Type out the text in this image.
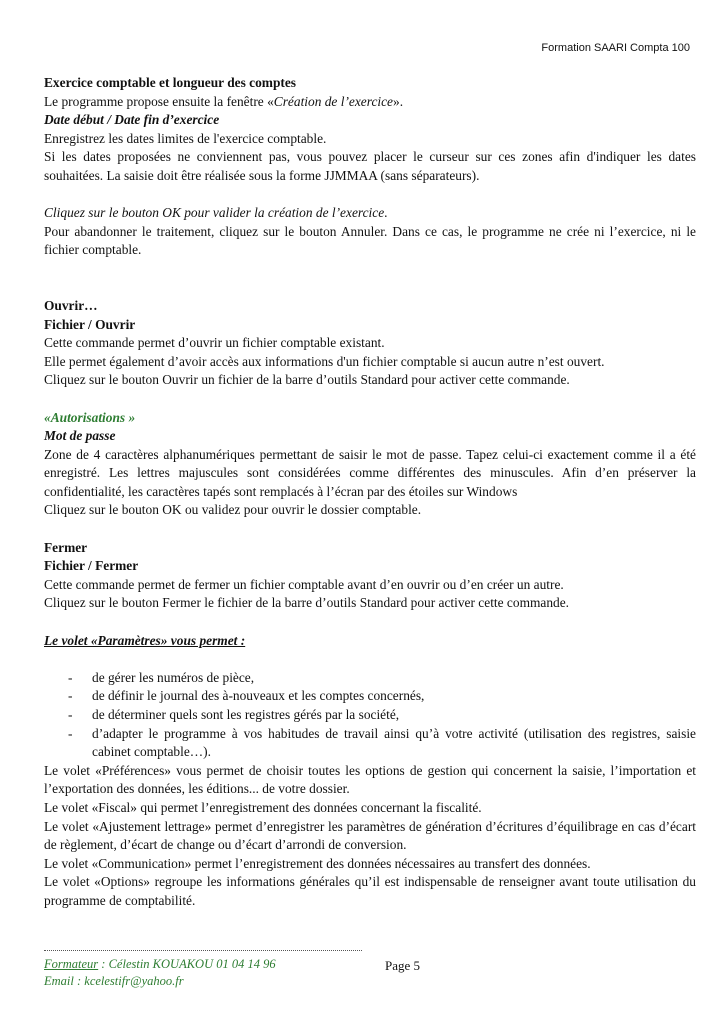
Formation SAARI Compta 100

Exercice comptable et longueur des comptes

Le programme propose ensuite la fenêtre «Création de l’exercice».

Date début / Date fin d’exercice

Enregistrez les dates limites de l'exercice comptable.

Si les dates proposées ne conviennent pas, vous pouvez placer le curseur sur ces zones afin d'indiquer les dates souhaitées. La saisie doit être réalisée sous la forme JJMMAA (sans séparateurs).

Cliquez sur le bouton OK pour valider la création de l’exercice.

Pour abandonner le traitement, cliquez sur le bouton Annuler. Dans ce cas, le programme ne crée ni l’exercice, ni le fichier comptable.

Ouvrir…

Fichier / Ouvrir

Cette commande permet d’ouvrir un fichier comptable existant.

Elle permet également d’avoir accès aux informations d'un fichier comptable si aucun autre n’est ouvert.

Cliquez sur le bouton Ouvrir un fichier de la barre d’outils Standard pour activer cette commande.

«Autorisations »

Mot de passe

Zone de 4 caractères alphanumériques permettant de saisir le mot de passe. Tapez celui-ci exactement comme il a été enregistré. Les lettres majuscules sont considérées comme différentes des minuscules. Afin d’en préserver la confidentialité, les caractères tapés sont remplacés à l’écran par des étoiles sur Windows

Cliquez sur le bouton OK ou validez pour ouvrir le dossier comptable.

Fermer

Fichier / Fermer

Cette commande permet de fermer un fichier comptable avant d’en ouvrir ou d’en créer un autre.

Cliquez sur le bouton Fermer le fichier de la barre d’outils Standard pour activer cette commande.

Le volet «Paramètres» vous permet :

- de gérer les numéros de pièce,
- de définir le journal des à-nouveaux et les comptes concernés,
- de déterminer quels sont les registres gérés par la société,
- d’adapter le programme à vos habitudes de travail ainsi qu’à votre activité (utilisation des registres, saisie cabinet comptable…).

Le volet «Préférences» vous permet de choisir toutes les options de gestion qui concernent la saisie, l’importation et l’exportation des données, les éditions... de votre dossier.

Le volet «Fiscal» qui permet l’enregistrement des données concernant la fiscalité.

Le volet «Ajustement lettrage» permet d’enregistrer les paramètres de génération d’écritures d’équilibrage en cas d’écart de règlement, d’écart de change ou d’écart d’arrondi de conversion.

Le volet «Communication» permet l’enregistrement des données nécessaires au transfert des données.

Le volet «Options» regroupe les informations générales qu’il est indispensable de renseigner avant toute utilisation du programme de comptabilité.

Formateur : Célestin KOUAKOU 01 04 14 96
Email : kcelestifr@yahoo.fr
Page 5
